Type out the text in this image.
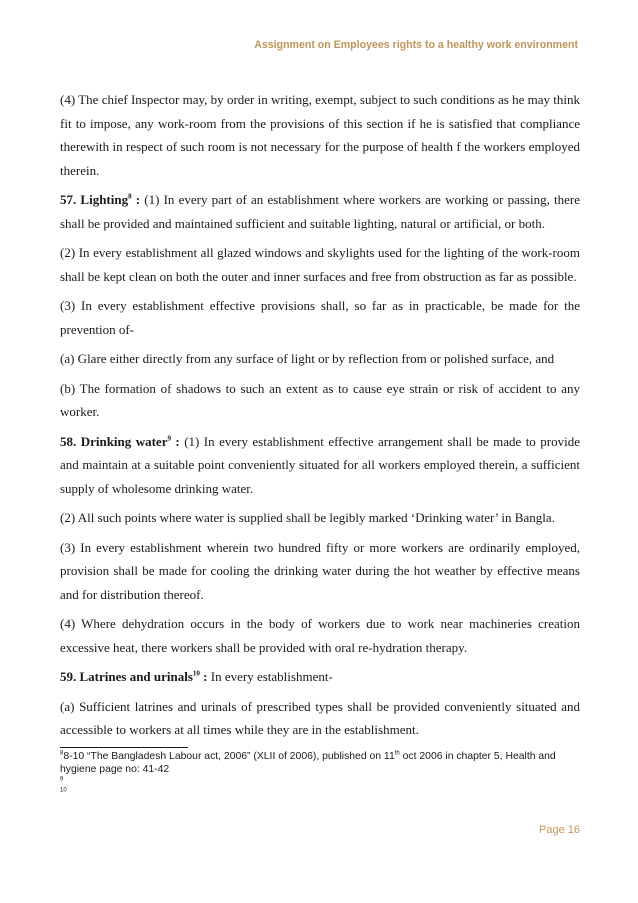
Assignment on Employees rights to a healthy work environment

(4) The chief Inspector may, by order in writing, exempt, subject to such conditions as he may think fit to impose, any work-room from the provisions of this section if he is satisfied that compliance therewith in respect of such room is not necessary for the purpose of health f the workers employed therein.

57. Lighting$^8$ : (1) In every part of an establishment where workers are working or passing, there shall be provided and maintained sufficient and suitable lighting, natural or artificial, or both.

(2) In every establishment all glazed windows and skylights used for the lighting of the work-room shall be kept clean on both the outer and inner surfaces and free from obstruction as far as possible.

(3) In every establishment effective provisions shall, so far as in practicable, be made for the prevention of-

(a) Glare either directly from any surface of light or by reflection from or polished surface, and

(b) The formation of shadows to such an extent as to cause eye strain or risk of accident to any worker.

58. Drinking water$^9$ : (1) In every establishment effective arrangement shall be made to provide and maintain at a suitable point conveniently situated for all workers employed therein, a sufficient supply of wholesome drinking water.

(2) All such points where water is supplied shall be legibly marked ‘Drinking water’ in Bangla.

(3) In every establishment wherein two hundred fifty or more workers are ordinarily employed, provision shall be made for cooling the drinking water during the hot weather by effective means and for distribution thereof.

(4) Where dehydration occurs in the body of workers due to work near machineries creation excessive heat, there workers shall be provided with oral re-hydration therapy.

59. Latrines and urinals$^{10}$ : In every establishment-

(a) Sufficient latrines and urinals of prescribed types shall be provided conveniently situated and accessible to workers at all times while they are in the establishment.

$^8$8-10 “The Bangladesh Labour act, 2006” (XLII of 2006), published on 11th oct 2006 in chapter 5, Health and hygiene page no: 41-42

$^9$

$^{10}$

Page 16
